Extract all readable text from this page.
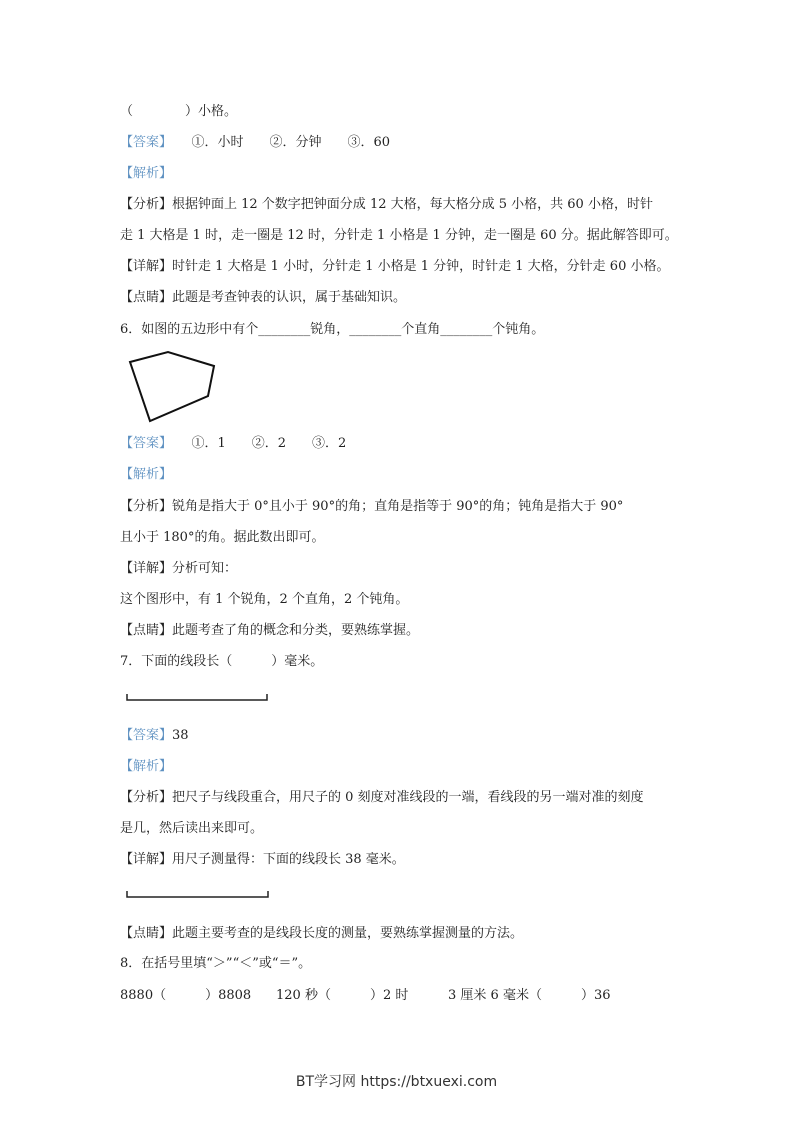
（　　　　）小格。
【答案】　　①．小时　　②．分钟　　③．60
【解析】
【分析】根据钟面上 12 个数字把钟面分成 12 大格，每大格分成 5 小格，共 60 小格，时针
走 1 大格是 1 时，走一圈是 12 时，分针走 1 小格是 1 分钟，走一圈是 60 分。据此解答即可。
【详解】时针走 1 大格是 1 小时，分针走 1 小格是 1 分钟，时针走 1 大格，分针走 60 小格。
【点睛】此题是考查钟表的认识，属于基础知识。
6．如图的五边形中有个________锐角，________个直角________个钝角。
【答案】　　①．1　　②．2　　③．2
【解析】
【分析】锐角是指大于 0°且小于 90°的角；直角是指等于 90°的角；钝角是指大于 90°
且小于 180°的角。据此数出即可。
【详解】分析可知：
这个图形中，有 1 个锐角，2 个直角，2 个钝角。
【点睛】此题考查了角的概念和分类，要熟练掌握。
7．下面的线段长（　　　）毫米。
【答案】38
【解析】
【分析】把尺子与线段重合，用尺子的 0 刻度对准线段的一端，看线段的另一端对准的刻度
是几，然后读出来即可。
【详解】用尺子测量得：下面的线段长 38 毫米。
【点睛】此题主要考查的是线段长度的测量，要熟练掌握测量的方法。
8．在括号里填“＞”“＜”或“＝”。
8880（　　　）8808 120 秒（　　　）2 时	3 厘米 6 毫米（　　　）36
BT学习网 https://btxuexi.com
